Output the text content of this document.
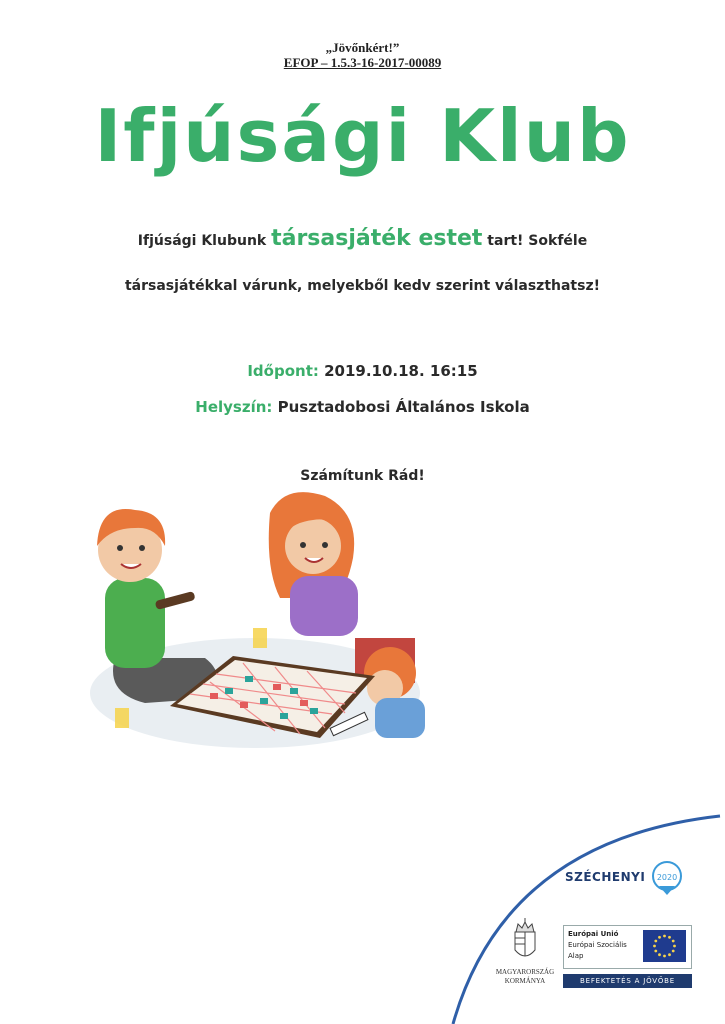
„Jövőnkért!”
EFOP – 1.5.3-16-2017-00089
Ifjúsági Klub
Ifjúsági Klubunk társasjáték estet tart! Sokféle
társasjátékkal várunk, melyekből kedv szerint választhatsz!
Időpont: 2019.10.18. 16:15
Helyszín: Pusztadobosi Általános Iskola
Számítunk Rád!
SZÉCHENYI 2020
MAGYARORSZÁG
KORMÁNYA
Európai Unió
Európai Szociális
Alap
BEFEKTETÉS A JÖVŐBE
